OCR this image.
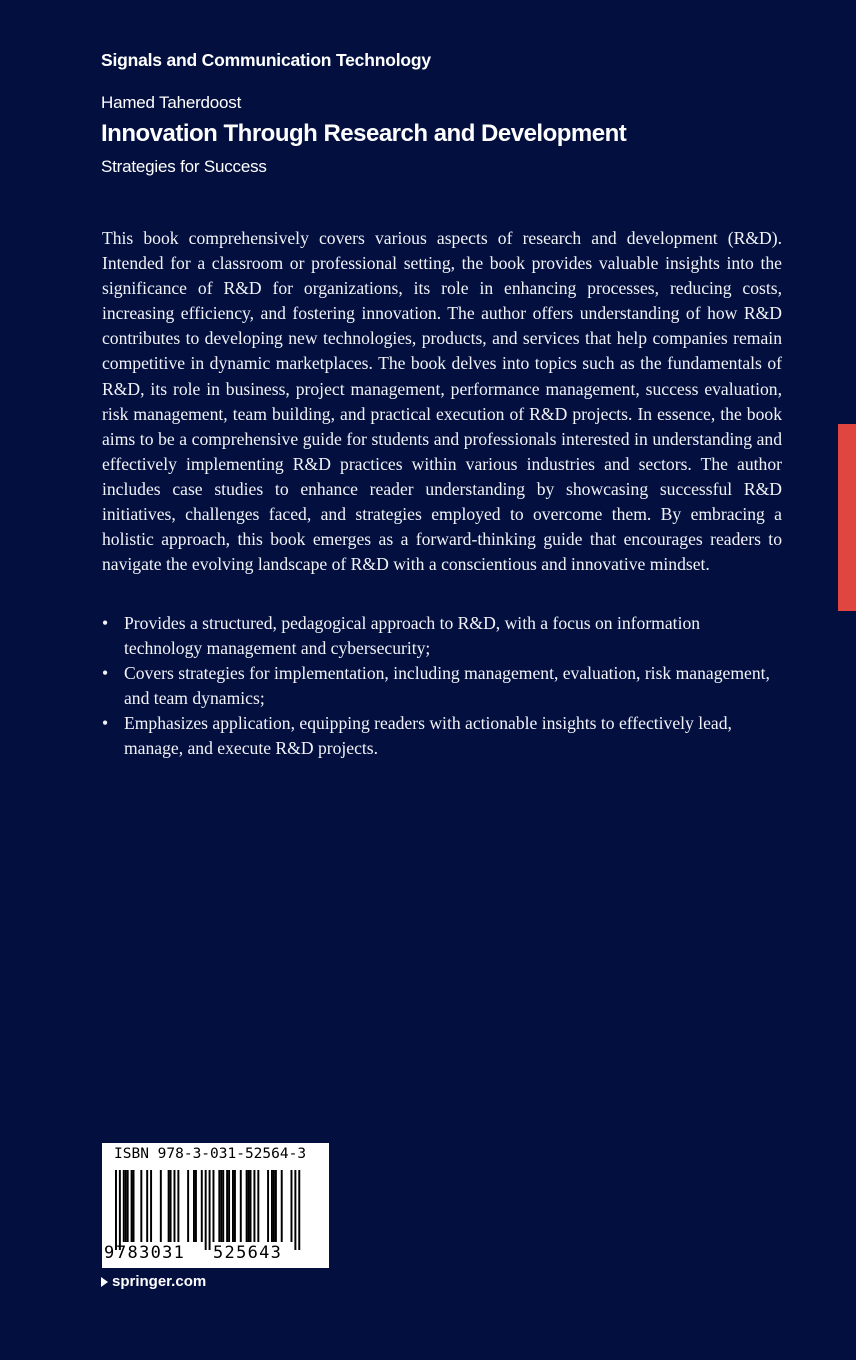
Signals and Communication Technology
Hamed Taherdoost
Innovation Through Research and Development
Strategies for Success

This book comprehensively covers various aspects of research and development (R&D). Intended for a classroom or professional setting, the book provides valuable insights into the significance of R&D for organizations, its role in enhancing processes, reducing costs, increasing efficiency, and fostering innovation. The author offers understanding of how R&D contributes to developing new technologies, products, and services that help companies remain competitive in dynamic marketplaces. The book delves into topics such as the fundamentals of R&D, its role in business, project management, performance management, success evaluation, risk management, team building, and practical execution of R&D projects. In essence, the book aims to be a comprehensive guide for students and professionals interested in understanding and effectively implementing R&D practices within various industries and sectors. The author includes case studies to enhance reader understanding by showcasing successful R&D initiatives, challenges faced, and strategies employed to overcome them. By embracing a holistic approach, this book emerges as a forward-thinking guide that encourages readers to navigate the evolving landscape of R&D with a conscientious and innovative mindset.

• Provides a structured, pedagogical approach to R&D, with a focus on information technology management and cybersecurity;
• Covers strategies for implementation, including management, evaluation, risk management, and team dynamics;
• Emphasizes application, equipping readers with actionable insights to effectively lead, manage, and execute R&D projects.
ISBN 978-3-031-52564-3
9 783031 525643
springer.com
